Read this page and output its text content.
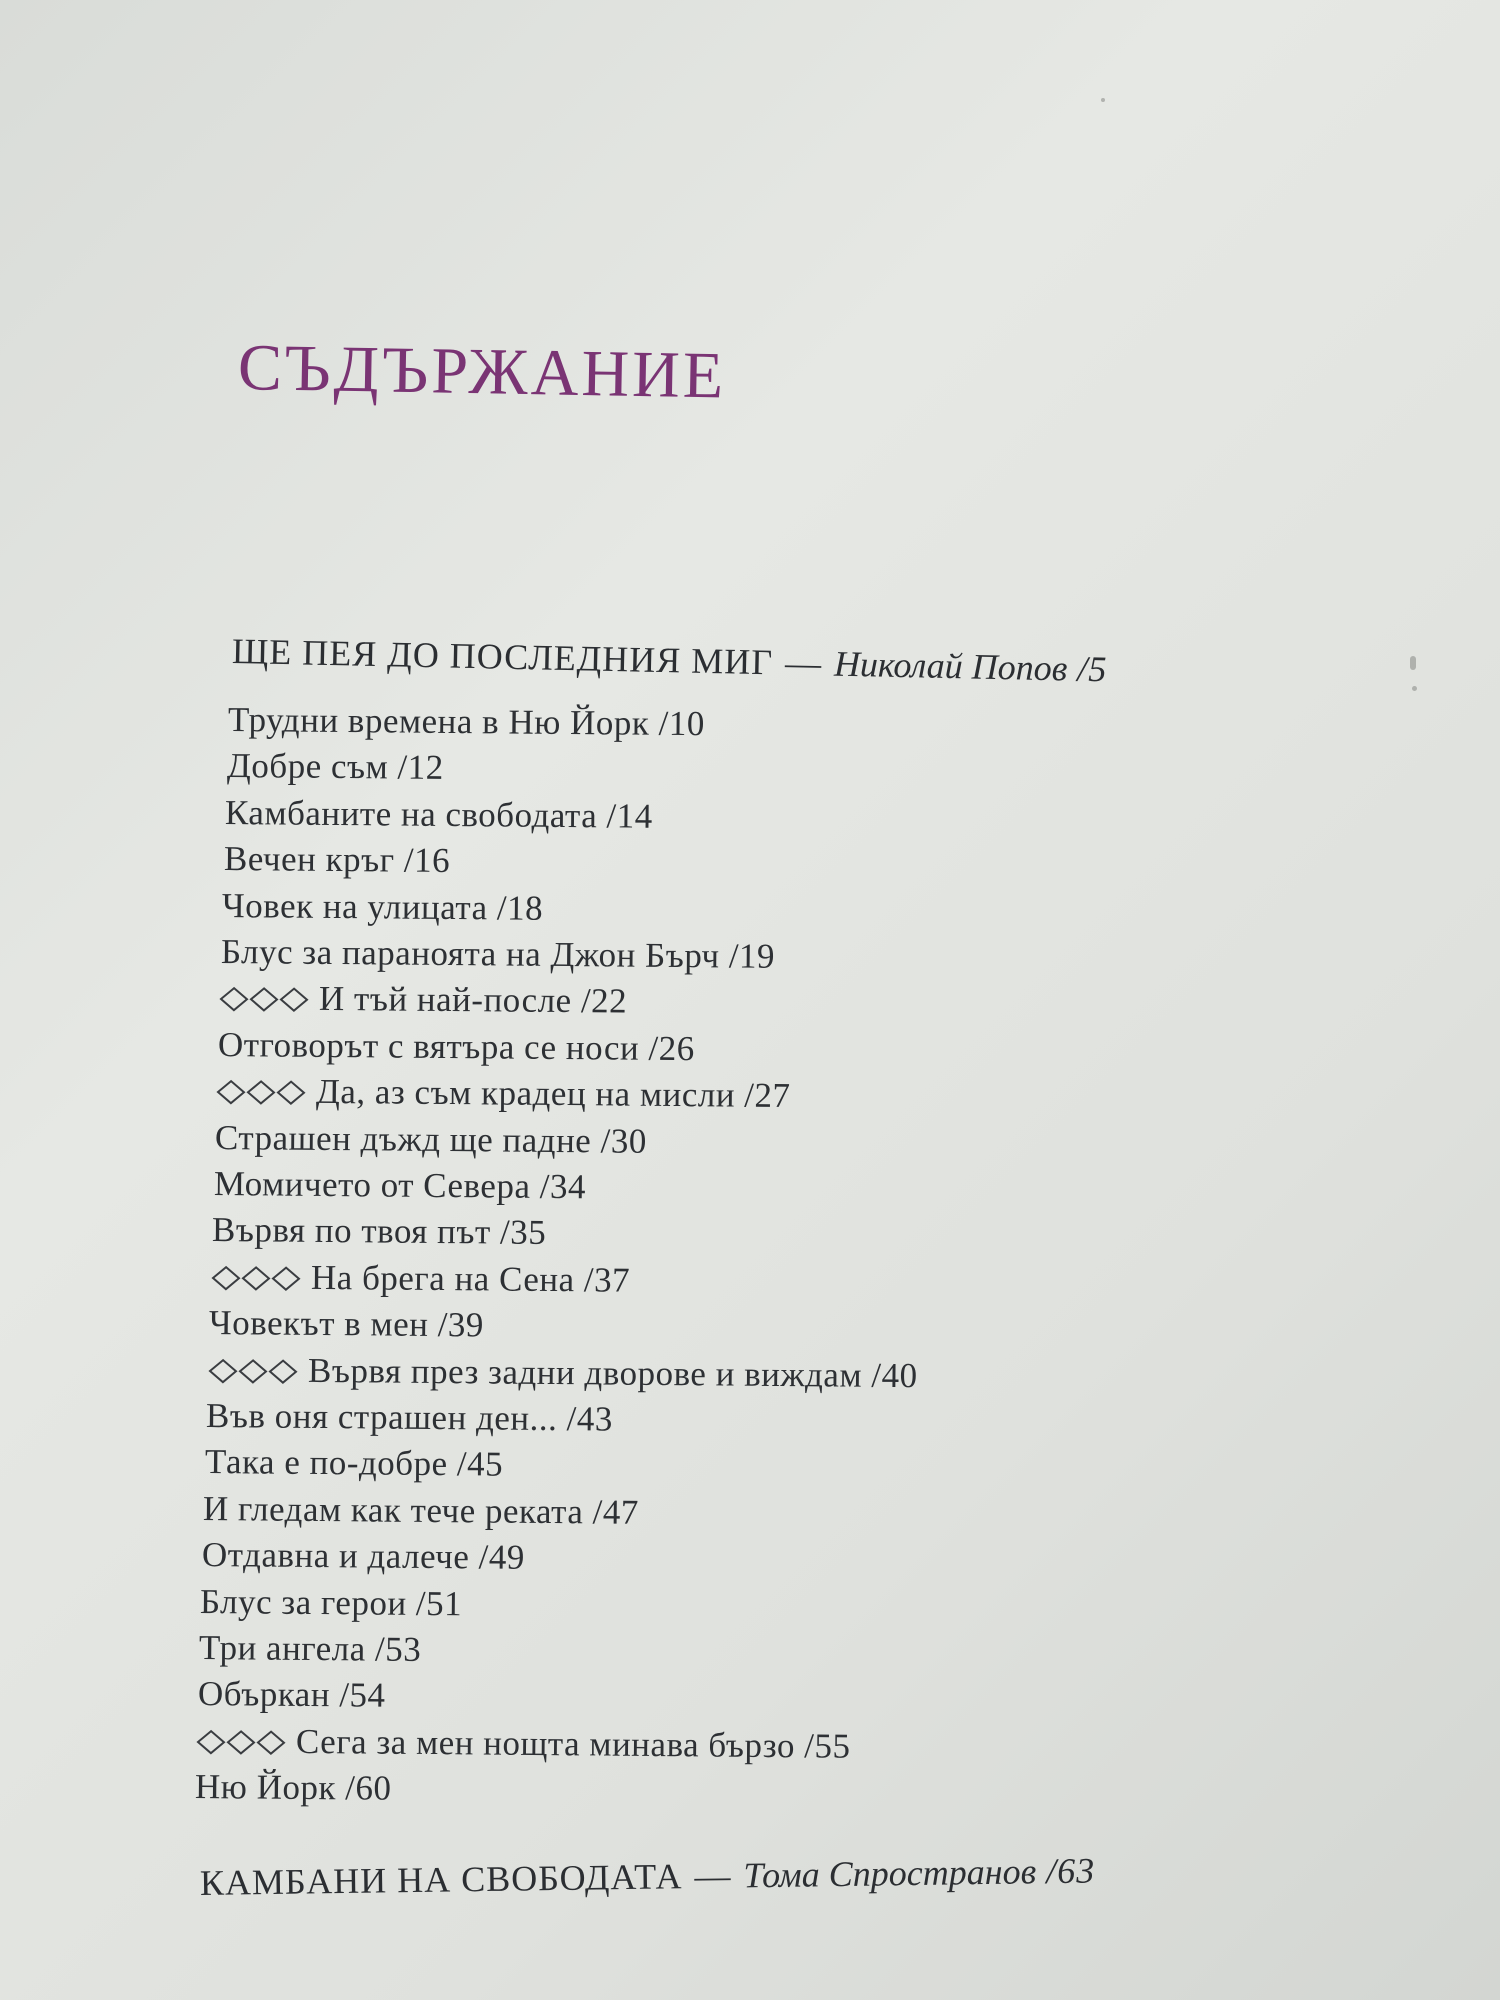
СЪДЪРЖАНИЕ
ЩЕ ПЕЯ ДО ПОСЛЕДНИЯ МИГ — Николай Попов /5
Трудни времена в Ню Йорк /10
Добре съм /12
Камбаните на свободата /14
Вечен кръг /16
Човек на улицата /18
Блус за параноята на Джон Бърч /19
И тъй най-после /22
Отговорът с вятъра се носи /26
Да, аз съм крадец на мисли /27
Страшен дъжд ще падне /30
Момичето от Севера /34
Вървя по твоя път /35
На брега на Сена /37
Човекът в мен /39
Вървя през задни дворове и виждам /40
Във оня страшен ден... /43
Така е по-добре /45
И гледам как тече реката /47
Отдавна и далече /49
Блус за герои /51
Три ангела /53
Объркан /54
Сега за мен нощта минава бързо /55
Ню Йорк /60
КАМБАНИ НА СВОБОДАТА — Тома Спространов /63
